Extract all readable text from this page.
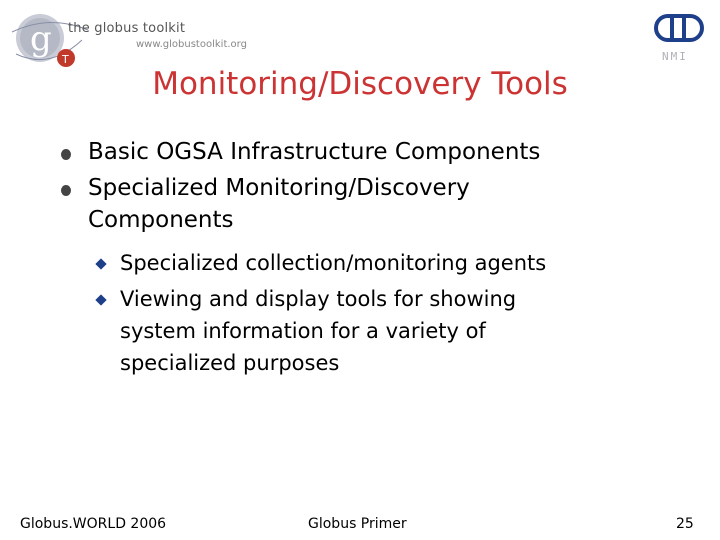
g
T
the globus toolkit
www.globustoolkit.org
NMI
Monitoring/Discovery Tools
Basic OGSA Infrastructure Components
Specialized Monitoring/Discovery
Components
Specialized collection/monitoring agents
Viewing and display tools for showing
system information for a variety of
specialized purposes
Globus.WORLD 2006	Globus Primer	25
